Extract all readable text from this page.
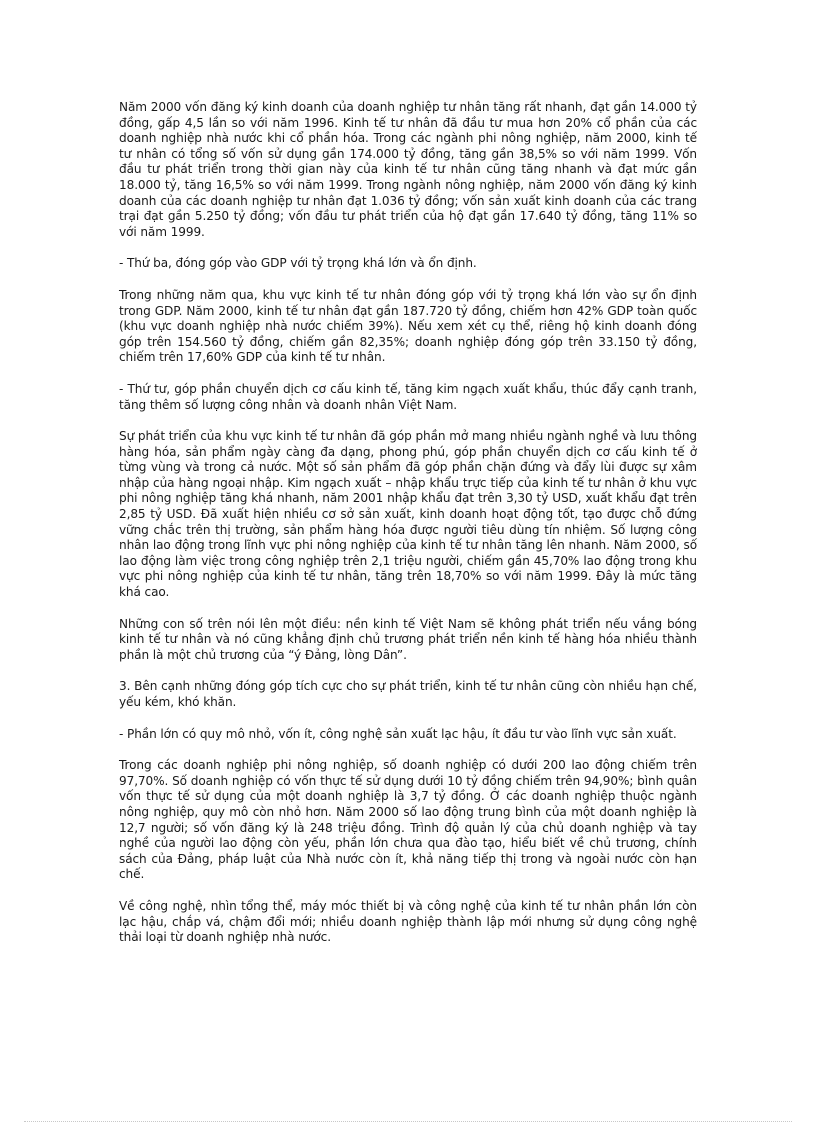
Năm 2000 vốn đăng ký kinh doanh của doanh nghiệp tư nhân tăng rất nhanh, đạt gần 14.000 tỷ đồng, gấp 4,5 lần so với năm 1996. Kinh tế tư nhân đã đầu tư mua hơn 20% cổ phần của các doanh nghiệp nhà nước khi cổ phần hóa. Trong các ngành phi nông nghiệp, năm 2000, kinh tế tư nhân có tổng số vốn sử dụng gần 174.000 tỷ đồng, tăng gần 38,5% so với năm 1999. Vốn đầu tư phát triển trong thời gian này của kinh tế tư nhân cũng tăng nhanh và đạt mức gần 18.000 tỷ, tăng 16,5% so với năm 1999. Trong ngành nông nghiệp, năm 2000 vốn đăng ký kinh doanh của các doanh nghiệp tư nhân đạt 1.036 tỷ đồng; vốn sản xuất kinh doanh của các trang trại đạt gần 5.250 tỷ đồng; vốn đầu tư phát triển của hộ đạt gần 17.640 tỷ đồng, tăng 11% so với năm 1999.

- Thứ ba, đóng góp vào GDP với tỷ trọng khá lớn và ổn định.

Trong những năm qua, khu vực kinh tế tư nhân đóng góp với tỷ trọng khá lớn vào sự ổn định trong GDP. Năm 2000, kinh tế tư nhân đạt gần 187.720 tỷ đồng, chiếm hơn 42% GDP toàn quốc (khu vực doanh nghiệp nhà nước chiếm 39%). Nếu xem xét cụ thể, riêng hộ kinh doanh đóng góp trên 154.560 tỷ đồng, chiếm gần 82,35%; doanh nghiệp đóng góp trên 33.150 tỷ đồng, chiếm trên 17,60% GDP của kinh tế tư nhân.

- Thứ tư, góp phần chuyển dịch cơ cấu kinh tế, tăng kim ngạch xuất khẩu, thúc đẩy cạnh tranh, tăng thêm số lượng công nhân và doanh nhân Việt Nam.

Sự phát triển của khu vực kinh tế tư nhân đã góp phần mở mang nhiều ngành nghề và lưu thông hàng hóa, sản phẩm ngày càng đa dạng, phong phú, góp phần chuyển dịch cơ cấu kinh tế ở từng vùng và trong cả nước. Một số sản phẩm đã góp phần chặn đứng và đẩy lùi được sự xâm nhập của hàng ngoại nhập. Kim ngạch xuất – nhập khẩu trực tiếp của kinh tế tư nhân ở khu vực phi nông nghiệp tăng khá nhanh, năm 2001 nhập khẩu đạt trên 3,30 tỷ USD, xuất khẩu đạt trên 2,85 tỷ USD. Đã xuất hiện nhiều cơ sở sản xuất, kinh doanh hoạt động tốt, tạo được chỗ đứng vững chắc trên thị trường, sản phẩm hàng hóa được người tiêu dùng tín nhiệm. Số lượng công nhân lao động trong lĩnh vực phi nông nghiệp của kinh tế tư nhân tăng lên nhanh. Năm 2000, số lao động làm việc trong công nghiệp trên 2,1 triệu người, chiếm gần 45,70% lao động trong khu vực phi nông nghiệp của kinh tế tư nhân, tăng trên 18,70% so với năm 1999. Đây là mức tăng khá cao.

Những con số trên nói lên một điều: nền kinh tế Việt Nam sẽ không phát triển nếu vắng bóng kinh tế tư nhân và nó cũng khẳng định chủ trương phát triển nền kinh tế hàng hóa nhiều thành phần là một chủ trương của “ý Đảng, lòng Dân”.

3. Bên cạnh những đóng góp tích cực cho sự phát triển, kinh tế tư nhân cũng còn nhiều hạn chế, yếu kém, khó khăn.

- Phần lớn có quy mô nhỏ, vốn ít, công nghệ sản xuất lạc hậu, ít đầu tư vào lĩnh vực sản xuất.

Trong các doanh nghiệp phi nông nghiệp, số doanh nghiệp có dưới 200 lao động chiếm trên 97,70%. Số doanh nghiệp có vốn thực tế sử dụng dưới 10 tỷ đồng chiếm trên 94,90%; bình quân vốn thực tế sử dụng của một doanh nghiệp là 3,7 tỷ đồng. Ở các doanh nghiệp thuộc ngành nông nghiệp, quy mô còn nhỏ hơn. Năm 2000 số lao động trung bình của một doanh nghiệp là 12,7 người; số vốn đăng ký là 248 triệu đồng. Trình độ quản lý của chủ doanh nghiệp và tay nghề của người lao động còn yếu, phần lớn chưa qua đào tạo, hiểu biết về chủ trương, chính sách của Đảng, pháp luật của Nhà nước còn ít, khả năng tiếp thị trong và ngoài nước còn hạn chế.

Về công nghệ, nhìn tổng thể, máy móc thiết bị và công nghệ của kinh tế tư nhân phần lớn còn lạc hậu, chắp vá, chậm đổi mới; nhiều doanh nghiệp thành lập mới nhưng sử dụng công nghệ thải loại từ doanh nghiệp nhà nước.
